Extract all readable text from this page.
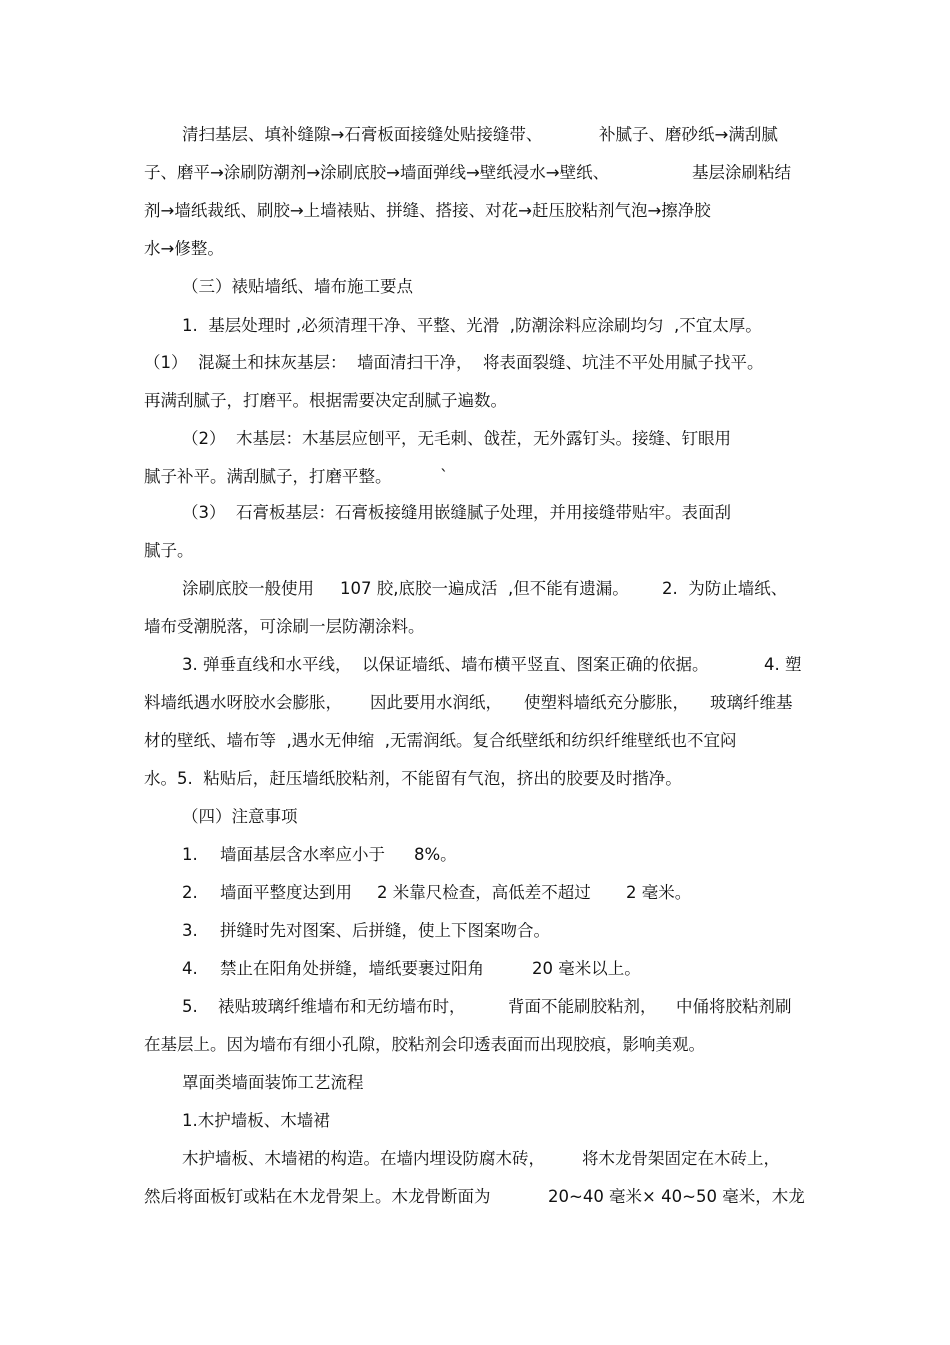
清扫基层、填补缝隙→石膏板面接缝处贴接缝带、

	补腻子、磨砂纸→满刮腻

子、磨平→涂刷防潮剂→涂刷底胶→墙面弹线→壁纸浸水→壁纸、

	基层涂刷粘结

剂→墙纸裁纸、刷胶→上墙裱贴、拼缝、搭接、对花→赶压胶粘剂气泡→擦净胶

水→修整。

（三）裱贴墙纸、墙布施工要点

1.  基层处理时 ,必须清理干净、平整、光滑  ,防潮涂料应涂刷均匀  ,不宜太厚。

（1）  混凝土和抹灰基层：  墙面清扫干净，  将表面裂缝、坑洼不平处用腻子找平。

再满刮腻子，打磨平。根据需要决定刮腻子遍数。

（2）  木基层：木基层应刨平，无毛刺、戗茬，无外露钉头。接缝、钉眼用

腻子补平。满刮腻子，打磨平整。

	`

（3）  石膏板基层：石膏板接缝用嵌缝腻子处理，并用接缝带贴牢。表面刮

腻子。

涂刷底胶一般使用

107 胶,底胶一遍成活  ,但不能有遗漏。

2.  为防止墙纸、

墙布受潮脱落，可涂刷一层防潮涂料。

3. 弹垂直线和水平线，  以保证墙纸、墙布横平竖直、图案正确的依据。

	4. 塑

料墙纸遇水呀胶水会膨胀，

因此要用水润纸，

使塑料墙纸充分膨胀，

玻璃纤维基

材的壁纸、墙布等  ,遇水无伸缩  ,无需润纸。复合纸壁纸和纺织纤维壁纸也不宜闷

水。5.  粘贴后，赶压墙纸胶粘剂，不能留有气泡，挤出的胶要及时揩净。

（四）注意事项

1.

墙面基层含水率应小于

8%。

2.

墙面平整度达到用

2 米靠尺检查，高低差不超过

2 毫米。

3.

拼缝时先对图案、后拼缝，使上下图案吻合。

4.

禁止在阳角处拼缝，墙纸要裹过阳角

	20 毫米以上。

5.

裱贴玻璃纤维墙布和无纺墙布时，

	背面不能刷胶粘剂，

中俑将胶粘剂刷

在基层上。因为墙布有细小孔隙，胶粘剂会印透表面而出现胶痕，影响美观。

罩面类墙面装饰工艺流程

1.木护墙板、木墙裙

木护墙板、木墙裙的构造。在墙内埋设防腐木砖，

将木龙骨架固定在木砖上，

然后将面板钉或粘在木龙骨架上。木龙骨断面为

	20~40 毫米× 40~50 毫米，木龙
